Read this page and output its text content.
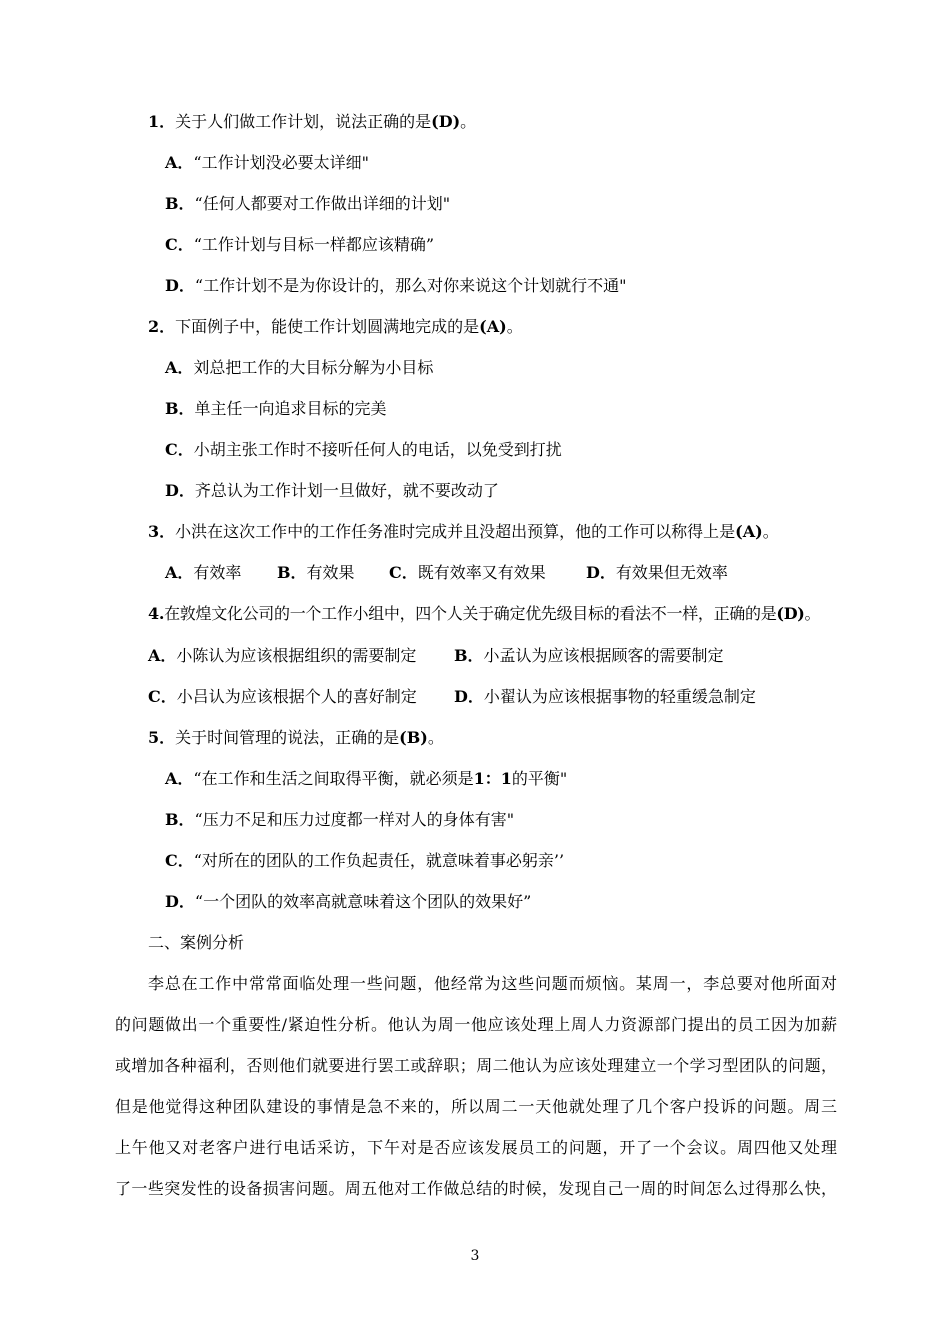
1．关于人们做工作计划，说法正确的是(D)。
A．“工作计划没必要太详细"
B．“任何人都要对工作做出详细的计划"
C．“工作计划与目标一样都应该精确”
D．“工作计划不是为你设计的，那么对你来说这个计划就行不通"
2．下面例子中，能使工作计划圆满地完成的是(A)。
A．刘总把工作的大目标分解为小目标
B．单主任一向追求目标的完美
C．小胡主张工作时不接听任何人的电话，以免受到打扰
D．齐总认为工作计划一旦做好，就不要改动了
3．小洪在这次工作中的工作任务准时完成并且没超出预算，他的工作可以称得上是(A)。
A．有效率 B．有效果 C．既有效率又有效果	D．有效果但无效率
4.在敦煌文化公司的一个工作小组中，四个人关于确定优先级目标的看法不一样，正确的是(D)。
A．小陈认为应该根据组织的需要制定 B．小孟认为应该根据顾客的需要制定
C．小吕认为应该根据个人的喜好制定 D．小翟认为应该根据事物的轻重缓急制定
5．关于时间管理的说法，正确的是(B)。
A．“在工作和生活之间取得平衡，就必须是1：1的平衡"
B．“压力不足和压力过度都一样对人的身体有害"
C．“对所在的团队的工作负起责任，就意味着事必躬亲’’
D．“一个团队的效率高就意味着这个团队的效果好”
二、案例分析
李总在工作中常常面临处理一些问题，他经常为这些问题而烦恼。某周一，李总要对他所面对
的问题做出一个重要性/紧迫性分析。他认为周一他应该处理上周人力资源部门提出的员工因为加薪
或增加各种福利，否则他们就要进行罢工或辞职；周二他认为应该处理建立一个学习型团队的问题，
但是他觉得这种团队建设的事情是急不来的，所以周二一天他就处理了几个客户投诉的问题。周三
上午他又对老客户进行电话采访，下午对是否应该发展员工的问题，开了一个会议。周四他又处理
了一些突发性的设备损害问题。周五他对工作做总结的时候，发现自己一周的时间怎么过得那么快，
3
